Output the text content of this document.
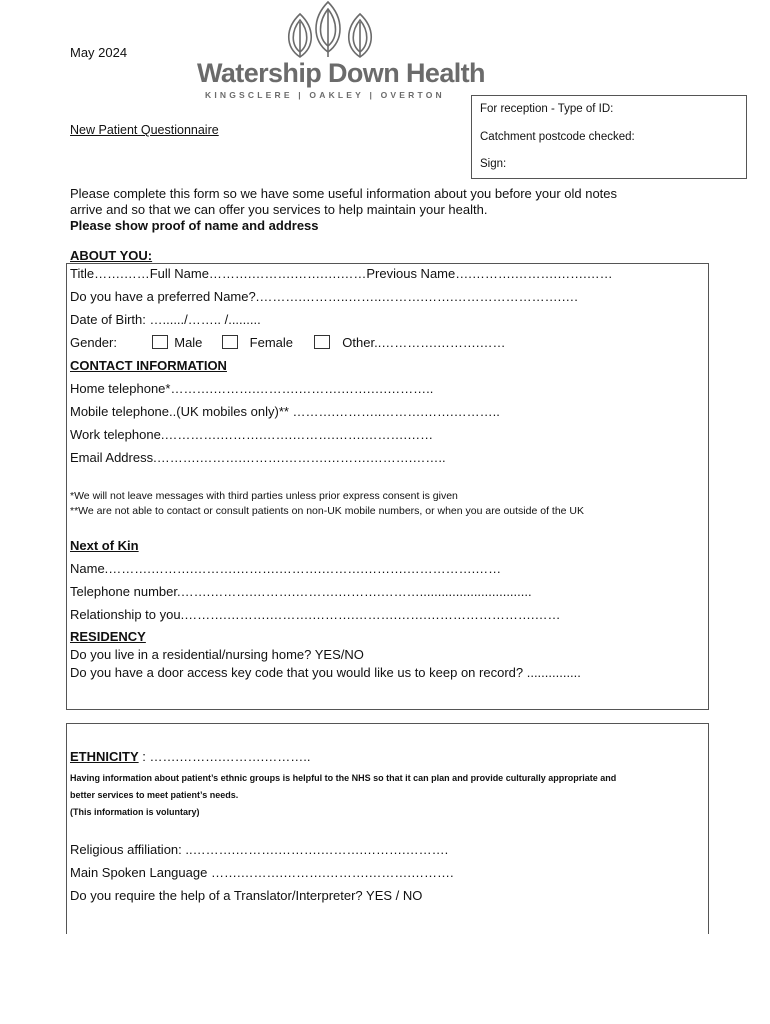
May 2024
Watership Down Health
KINGSCLERE | OAKLEY | OVERTON
New Patient Questionnaire
For reception - Type of ID:
Catchment postcode checked:
Sign:
Please complete this form so we have some useful information about you before your old notes
arrive and so that we can offer you services to help maintain your health.
Please show proof of name and address
ABOUT YOU:
Title…….……Full Name……….……….…….….……Previous Name….……….……….…….……
Do you have a preferred Name?.……….………..……..……….…….…………………….….
Date of Birth: …....../…….. /.........
Gender:	Male	Female	Other..………….……….……
CONTACT INFORMATION
Home telephone*……….……….……….……….…….….………..
Mobile telephone..(UK mobiles only)** ……….………..……….…….………..
Work telephone.………….……….…….……….…….……….……
Email Address.……….……….……….……….……….……….……..
*We will not leave messages with third parties unless prior express consent is given
**We are not able to contact or consult patients on non-UK mobile numbers, or when you are outside of the UK
Next of Kin
Name.……….……….……….……….……….……….……….…………….……
Telephone number.…….……….……….……….……….………...............................
Relationship to you.……….……….……….……….……….…….…………………….……
RESIDENCY
Do you live in a residential/nursing home? YES/NO
Do you have a door access key code that you would like us to keep on record? ...............
ETHNICITY : …….……….……….………..
Having information about patient’s ethnic groups is helpful to the NHS so that it can plan and provide culturally appropriate and
better services to meet patient’s needs.
(This information is voluntary)
Religious affiliation: ..……….……….……….……….……….……….
Main Spoken Language …….……….……….……….……….……….
Do you require the help of a Translator/Interpreter? YES / NO
